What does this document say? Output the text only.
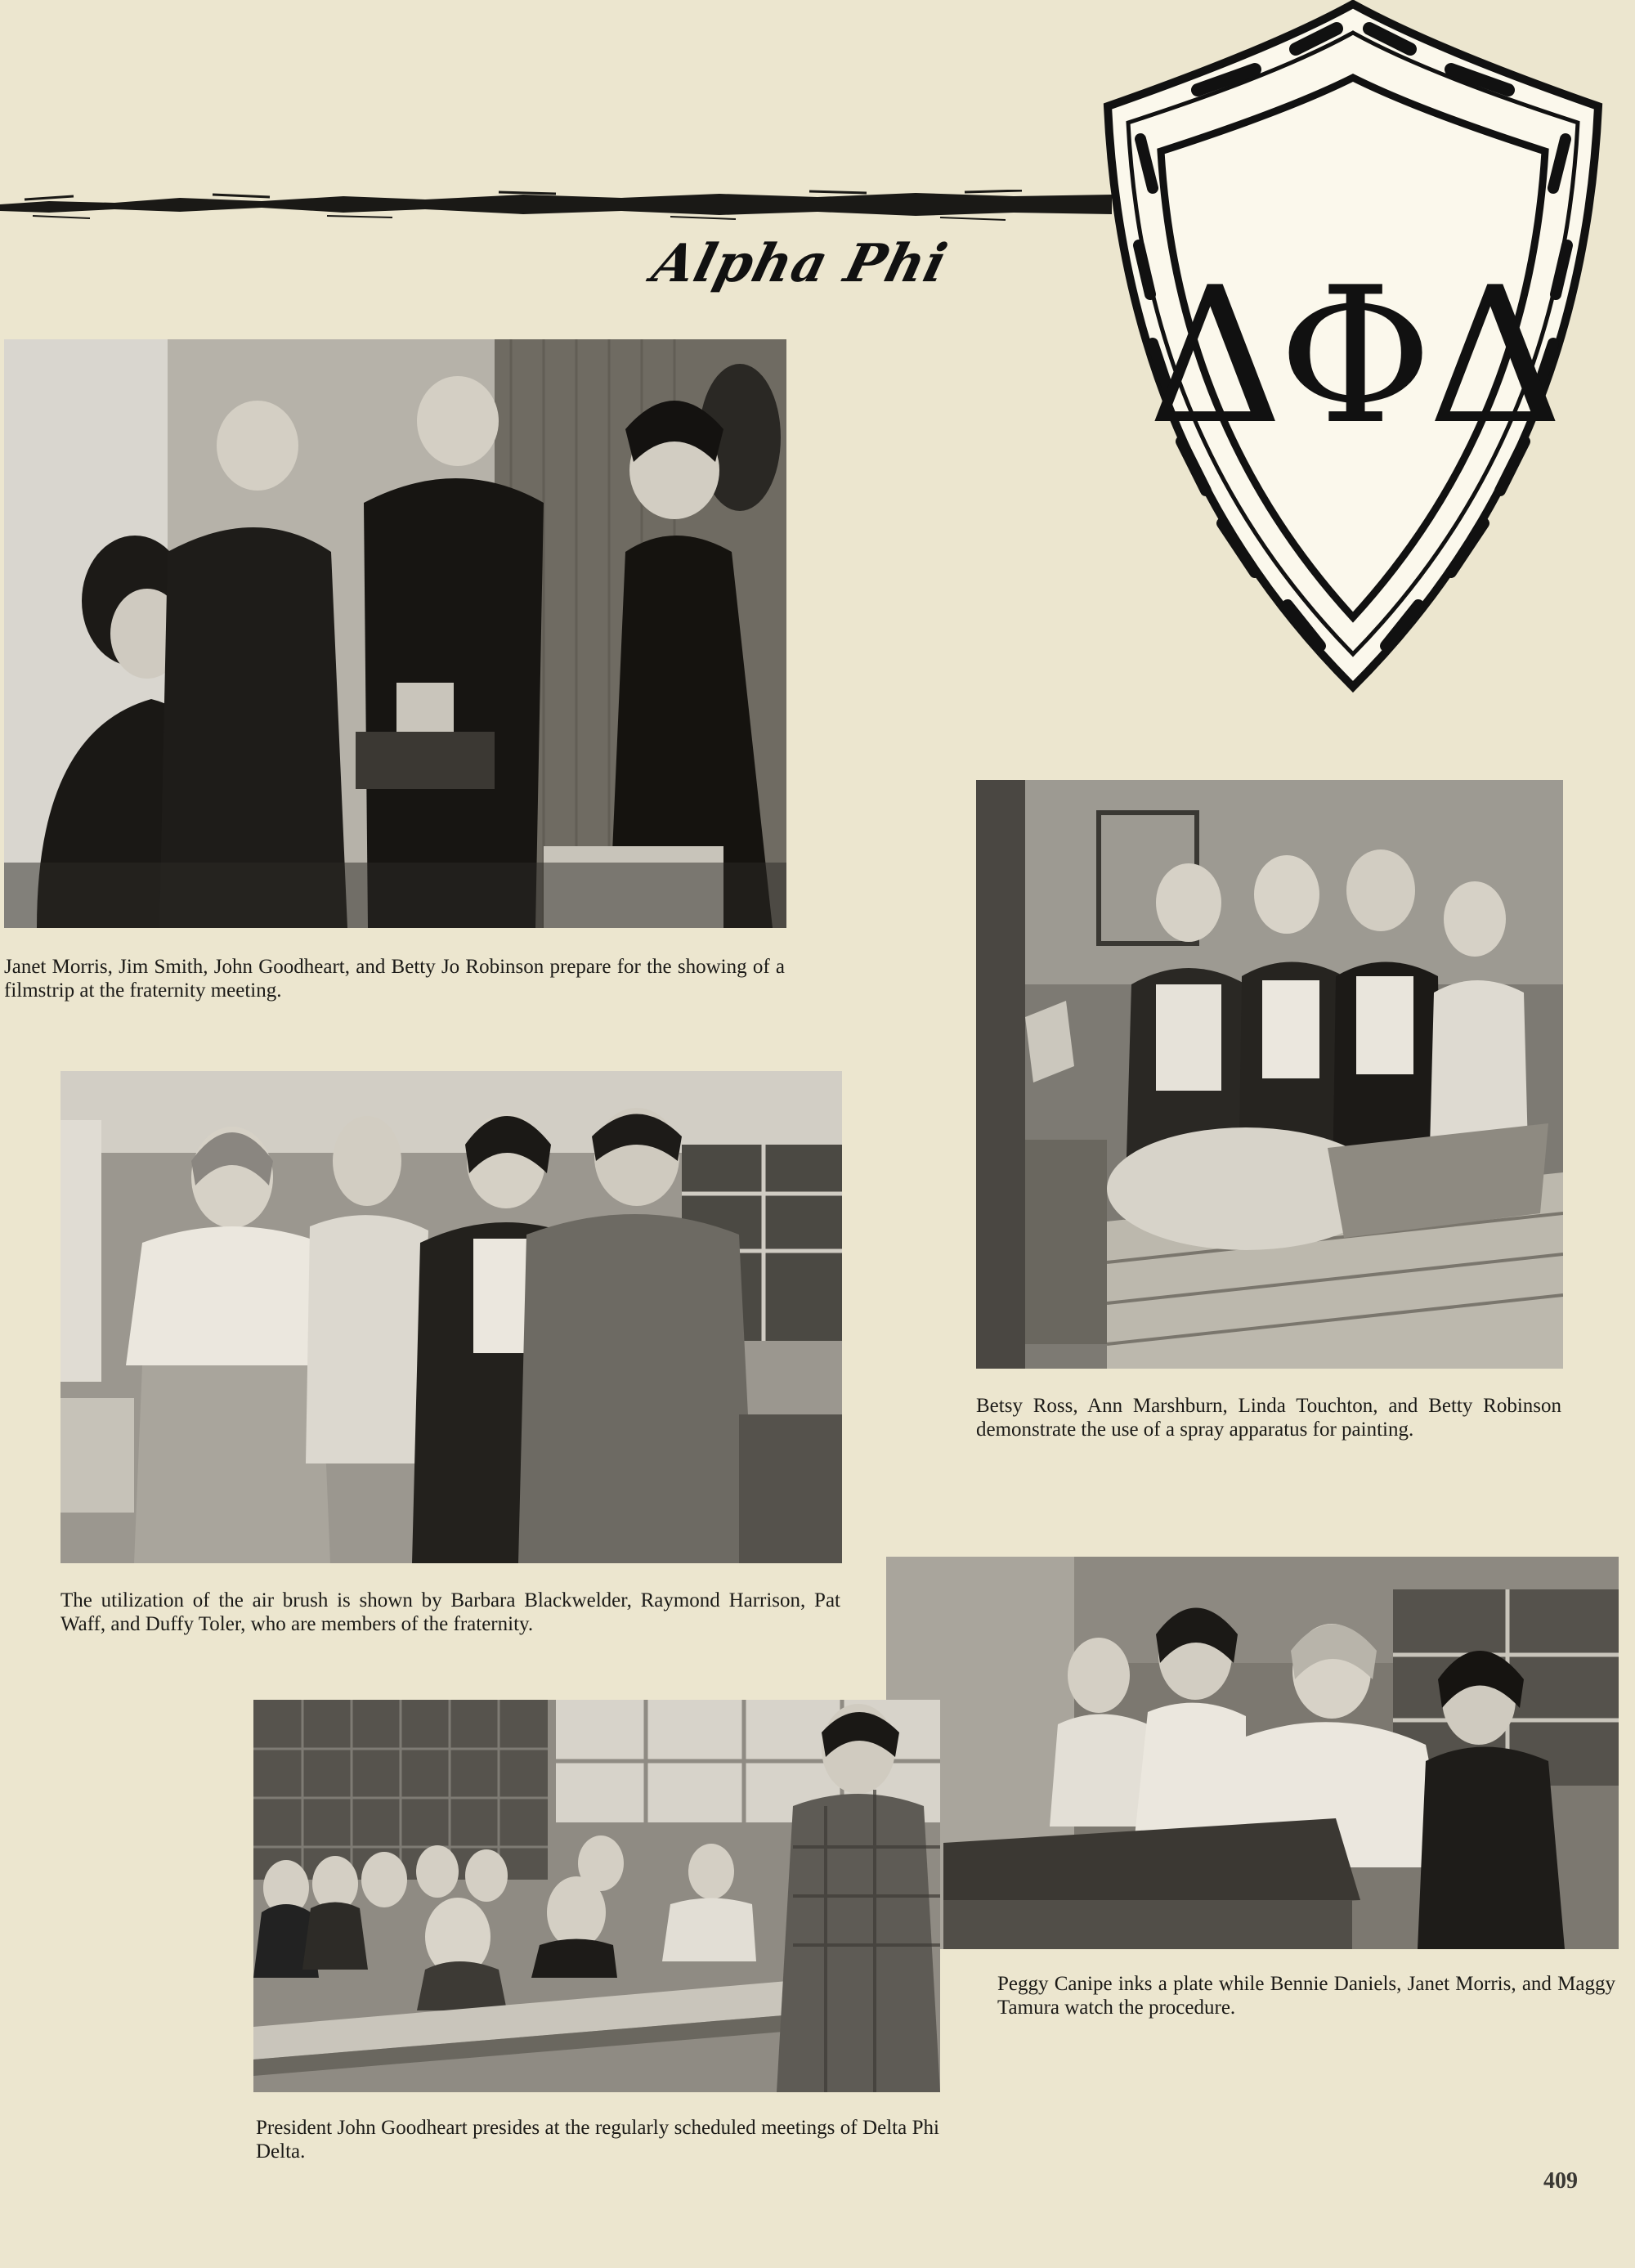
Alpha Phi ΔΦΔ
Janet Morris, Jim Smith, John Goodheart, and Betty Jo Robinson prepare for the showing of a filmstrip at the fraternity meeting.
Betsy Ross, Ann Marshburn, Linda Touchton, and Betty Robinson demonstrate the use of a spray apparatus for painting.
The utilization of the air brush is shown by Barbara Blackwelder, Raymond Harrison, Pat Waff, and Duffy Toler, who are members of the fraternity.
Peggy Canipe inks a plate while Bennie Daniels, Janet Morris, and Maggy Tamura watch the procedure.
President John Goodheart presides at the regularly scheduled meetings of Delta Phi Delta.
409
